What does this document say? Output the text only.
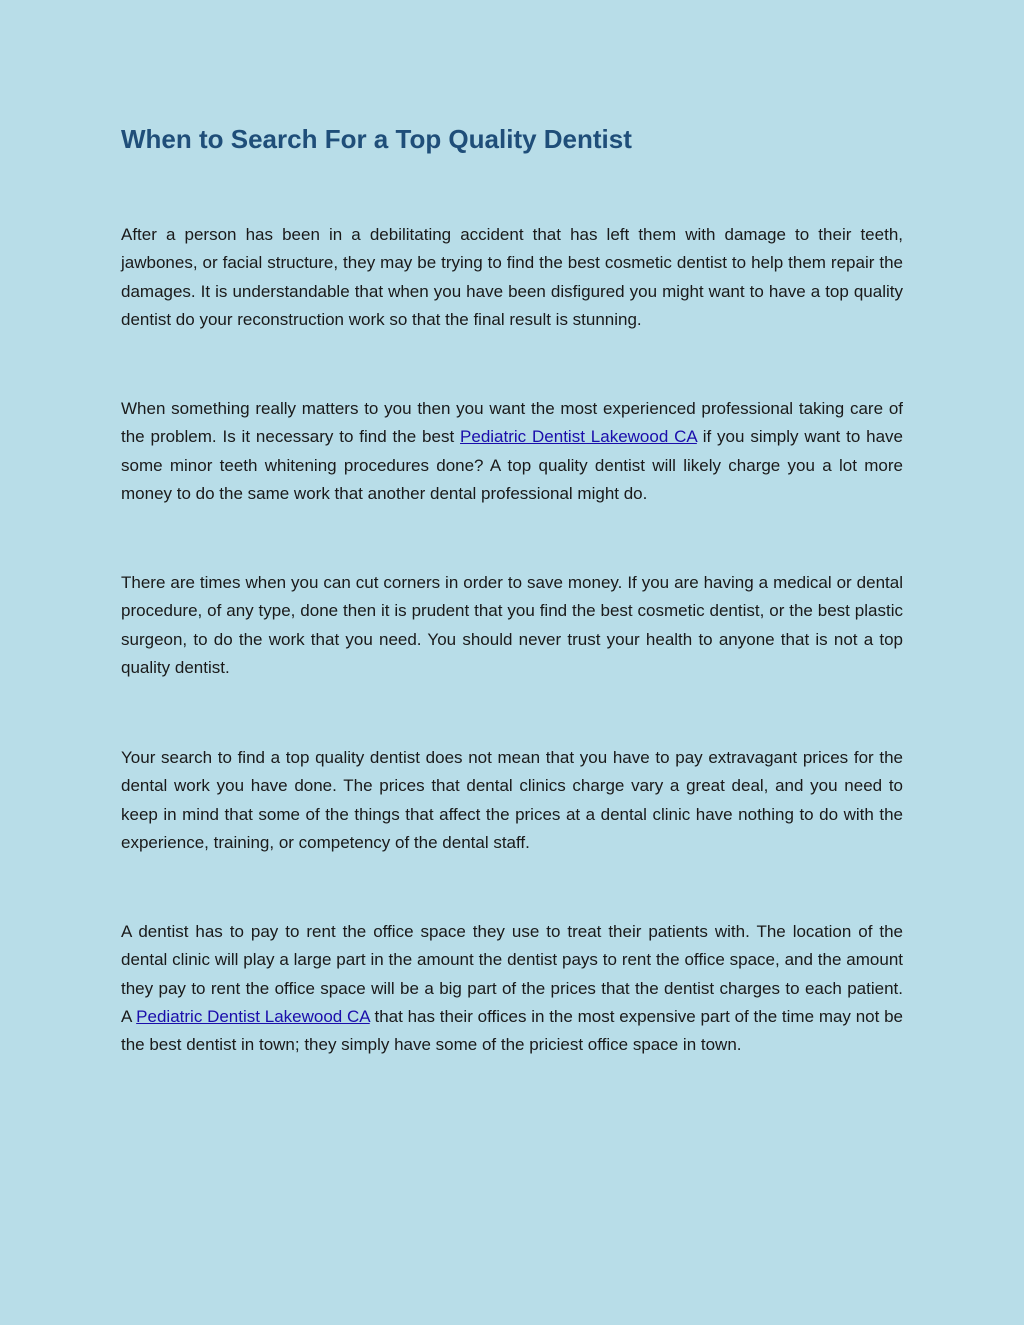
When to Search For a Top Quality Dentist

After a person has been in a debilitating accident that has left them with damage to their teeth, jawbones, or facial structure, they may be trying to find the best cosmetic dentist to help them repair the damages. It is understandable that when you have been disfigured you might want to have a top quality dentist do your reconstruction work so that the final result is stunning.

When something really matters to you then you want the most experienced professional taking care of the problem. Is it necessary to find the best Pediatric Dentist Lakewood CA if you simply want to have some minor teeth whitening procedures done? A top quality dentist will likely charge you a lot more money to do the same work that another dental professional might do.

There are times when you can cut corners in order to save money. If you are having a medical or dental procedure, of any type, done then it is prudent that you find the best cosmetic dentist, or the best plastic surgeon, to do the work that you need. You should never trust your health to anyone that is not a top quality dentist.

Your search to find a top quality dentist does not mean that you have to pay extravagant prices for the dental work you have done. The prices that dental clinics charge vary a great deal, and you need to keep in mind that some of the things that affect the prices at a dental clinic have nothing to do with the experience, training, or competency of the dental staff.

A dentist has to pay to rent the office space they use to treat their patients with. The location of the dental clinic will play a large part in the amount the dentist pays to rent the office space, and the amount they pay to rent the office space will be a big part of the prices that the dentist charges to each patient. A Pediatric Dentist Lakewood CA that has their offices in the most expensive part of the time may not be the best dentist in town; they simply have some of the priciest office space in town.
